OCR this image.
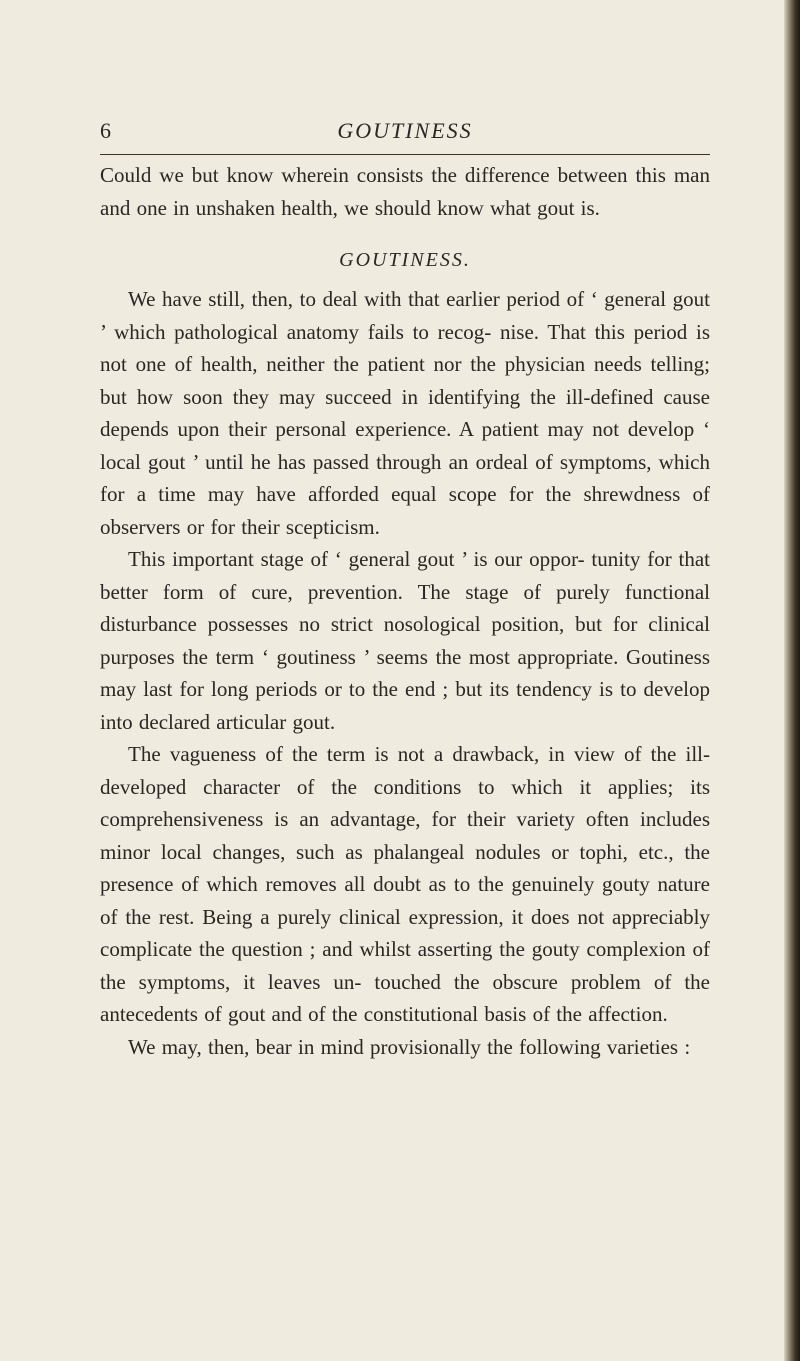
6	GOUTINESS

Could we but know wherein consists the difference between this man and one in unshaken health, we should know what gout is.

GOUTINESS.

We have still, then, to deal with that earlier period of ‘ general gout ’ which pathological anatomy fails to recog- nise. That this period is not one of health, neither the patient nor the physician needs telling; but how soon they may succeed in identifying the ill-defined cause depends upon their personal experience. A patient may not develop ‘ local gout ’ until he has passed through an ordeal of symptoms, which for a time may have afforded equal scope for the shrewdness of observers or for their scepticism.

This important stage of ‘ general gout ’ is our oppor- tunity for that better form of cure, prevention. The stage of purely functional disturbance possesses no strict nosological position, but for clinical purposes the term ‘ goutiness ’ seems the most appropriate. Goutiness may last for long periods or to the end ; but its tendency is to develop into declared articular gout.

The vagueness of the term is not a drawback, in view of the ill-developed character of the conditions to which it applies; its comprehensiveness is an advantage, for their variety often includes minor local changes, such as phalangeal nodules or tophi, etc., the presence of which removes all doubt as to the genuinely gouty nature of the rest. Being a purely clinical expression, it does not appreciably complicate the question ; and whilst asserting the gouty complexion of the symptoms, it leaves un- touched the obscure problem of the antecedents of gout and of the constitutional basis of the affection.

We may, then, bear in mind provisionally the following varieties :
